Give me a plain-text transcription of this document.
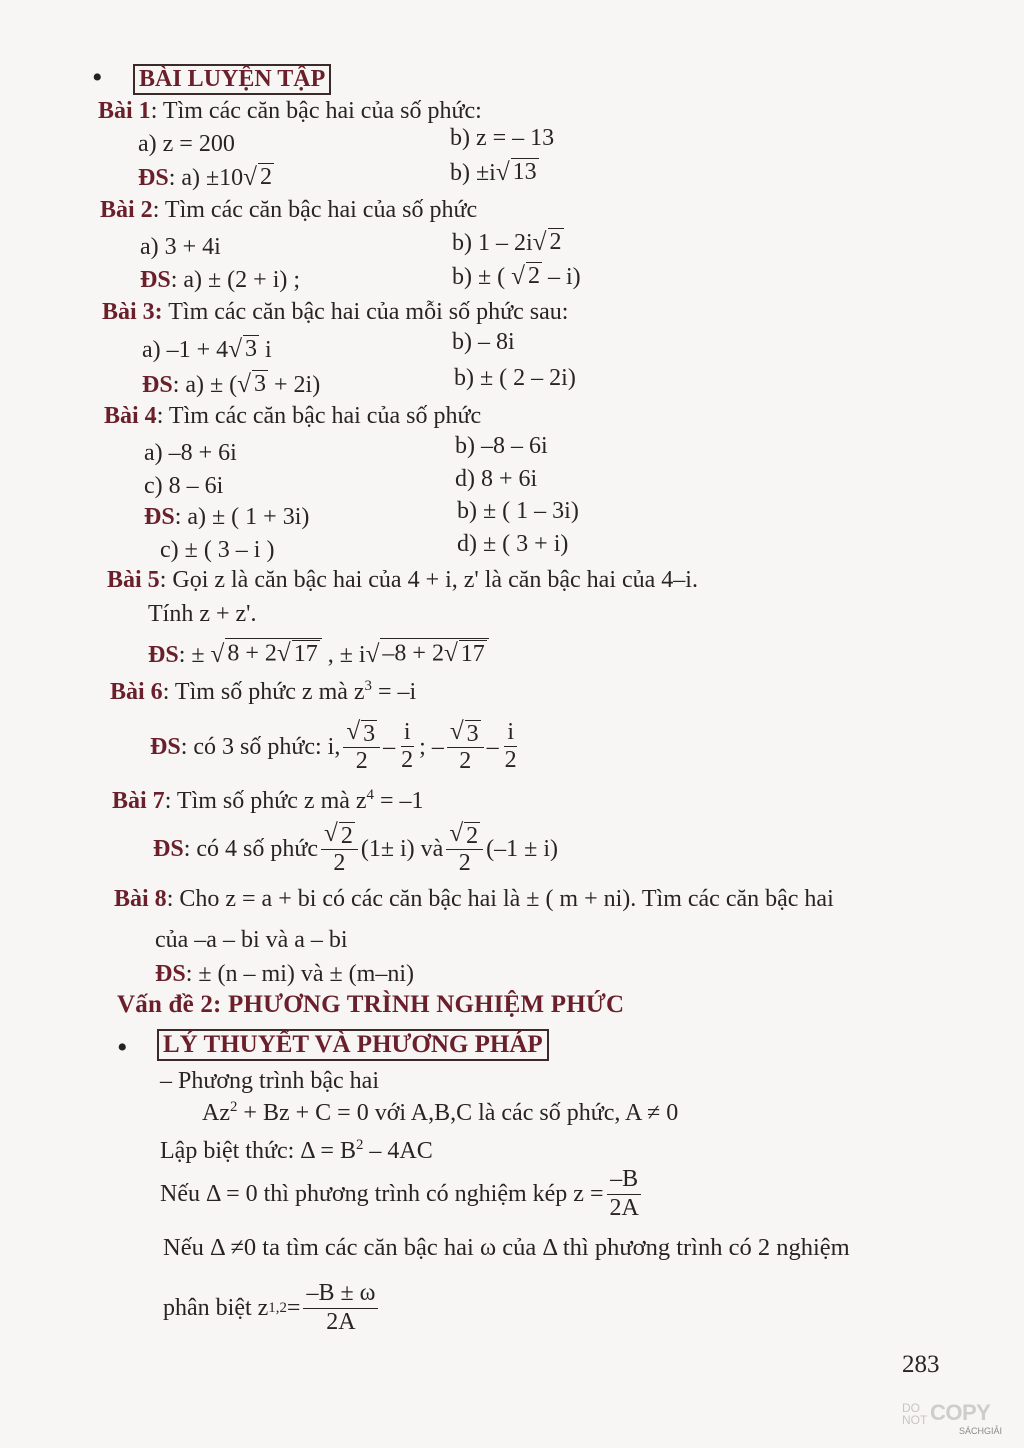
• BÀI LUYỆN TẬP
Bài 1: Tìm các căn bậc hai của số phức:
a) z = 200	b) z = – 13
ĐS: a) ±10 √ 2	b) ±i √ 13
Bài 2: Tìm các căn bậc hai của số phức
a) 3 + 4i	b) 1 – 2i √ 2
ĐS: a) ± (2 + i) ;	b) ± ( √ 2 – i)
Bài 3: Tìm các căn bậc hai của mỗi số phức sau:
a) –1 + 4 √ 3 i	b) – 8i
ĐS: a) ± ( √ 3 + 2i)	b) ± ( 2 – 2i)
Bài 4: Tìm các căn bậc hai của số phức
a) –8 + 6i	b) –8 – 6i
c) 8 – 6i	d) 8 + 6i
ĐS: a) ± ( 1 + 3i)	b) ± ( 1 – 3i)
c) ± ( 3 – i )	d) ± ( 3 + i)
Bài 5: Gọi z là căn bậc hai của 4 + i, z' là căn bậc hai của 4–i.
Tính z + z'.
ĐS: ± √ 8 + 2 √ 17 , ± i √ –8 + 2 √ 17
Bài 6: Tìm số phức z mà $z^3 = -i$
ĐS : có 3 số phức: i, $\frac{√ 3}{2} - \frac{i}{2}$ ; – $\frac{√ 3}{2} - \frac{i}{2}$
Bài 7: Tìm số phức z mà $z^4 = -1$
ĐS : có 4 số phức $\frac{√ 2}{2} (1\pm i)$ và $\frac{√ 2}{2} (-1 \pm i)$
Bài 8: Cho z = a + bi có các căn bậc hai là ± ( m + ni). Tìm các căn bậc hai
của –a – bi và a – bi
ĐS: ± (n – mi) và ± (m–ni)
Vấn đề 2: PHƯƠNG TRÌNH NGHIỆM PHỨC
• LÝ THUYẾT VÀ PHƯƠNG PHÁP
– Phương trình bậc hai
$Az^2 + Bz + C = 0$ với A,B,C là các số phức, A ≠ 0
Lập biệt thức: $\Delta = B^2 - 4AC$
Nếu Δ = 0 thì phương trình có nghiệm kép $z = \frac{-B}{2A}$
Nếu Δ ≠0 ta tìm các căn bậc hai ω của Δ thì phương trình có 2 nghiệm
phân biệt z $1,2 = \frac{-B \pm \omega}{2A}$
283
DO
NOT COPY
SÁCHGIẢI
